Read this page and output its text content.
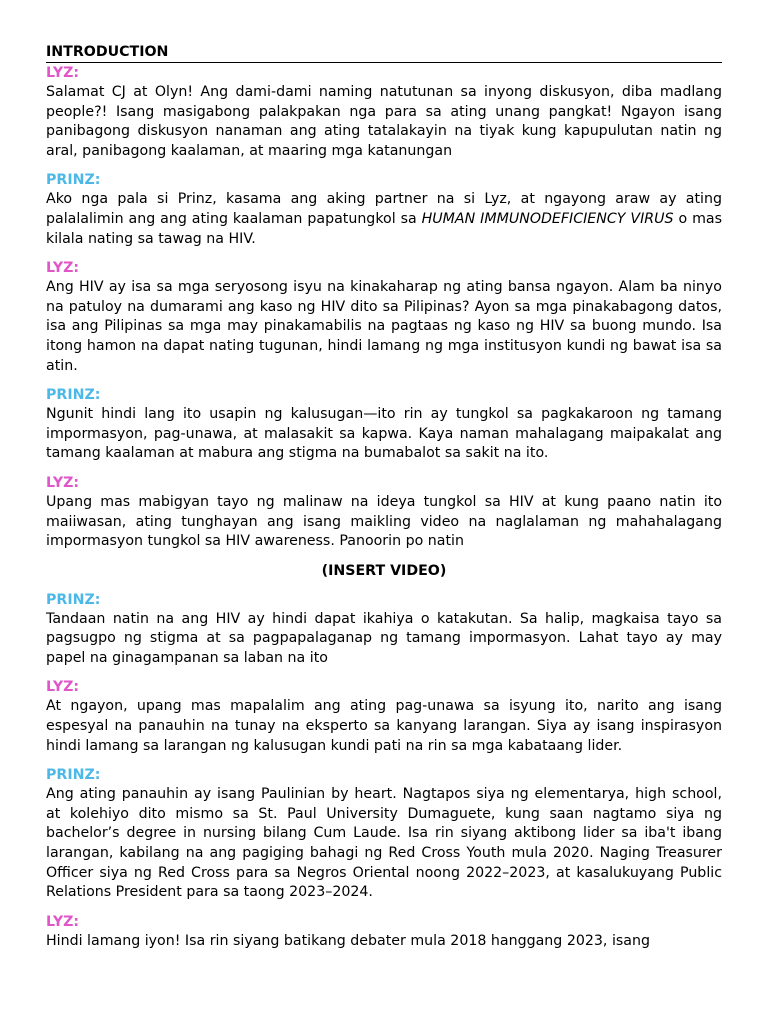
INTRODUCTION

LYZ:

Salamat CJ at Olyn! Ang dami-dami naming natutunan sa inyong diskusyon, diba madlang people?! Isang masigabong palakpakan nga para sa ating unang pangkat! Ngayon isang panibagong diskusyon nanaman ang ating tatalakayin na tiyak kung kapupulutan natin ng aral, panibagong kaalaman, at maaring mga katanungan

PRINZ:

Ako nga pala si Prinz, kasama ang aking partner na si Lyz, at ngayong araw ay ating palalalimin ang ang ating kaalaman papatungkol sa HUMAN IMMUNODEFICIENCY VIRUS o mas kilala nating sa tawag na HIV.

LYZ:

Ang HIV ay isa sa mga seryosong isyu na kinakaharap ng ating bansa ngayon. Alam ba ninyo na patuloy na dumarami ang kaso ng HIV dito sa Pilipinas? Ayon sa mga pinakabagong datos, isa ang Pilipinas sa mga may pinakamabilis na pagtaas ng kaso ng HIV sa buong mundo. Isa itong hamon na dapat nating tugunan, hindi lamang ng mga institusyon kundi ng bawat isa sa atin.

PRINZ:

Ngunit hindi lang ito usapin ng kalusugan—ito rin ay tungkol sa pagkakaroon ng tamang impormasyon, pag-unawa, at malasakit sa kapwa. Kaya naman mahalagang maipakalat ang tamang kaalaman at mabura ang stigma na bumabalot sa sakit na ito.

LYZ:

Upang mas mabigyan tayo ng malinaw na ideya tungkol sa HIV at kung paano natin ito maiiwasan, ating tunghayan ang isang maikling video na naglalaman ng mahahalagang impormasyon tungkol sa HIV awareness. Panoorin po natin

(INSERT VIDEO)

PRINZ:

Tandaan natin na ang HIV ay hindi dapat ikahiya o katakutan. Sa halip, magkaisa tayo sa pagsugpo ng stigma at sa pagpapalaganap ng tamang impormasyon. Lahat tayo ay may papel na ginagampanan sa laban na ito

LYZ:

At ngayon, upang mas mapalalim ang ating pag-unawa sa isyung ito, narito ang isang espesyal na panauhin na tunay na eksperto sa kanyang larangan. Siya ay isang inspirasyon hindi lamang sa larangan ng kalusugan kundi pati na rin sa mga kabataang lider.

PRINZ:

Ang ating panauhin ay isang Paulinian by heart. Nagtapos siya ng elementarya, high school, at kolehiyo dito mismo sa St. Paul University Dumaguete, kung saan nagtamo siya ng bachelor’s degree in nursing bilang Cum Laude. Isa rin siyang aktibong lider sa iba't ibang larangan, kabilang na ang pagiging bahagi ng Red Cross Youth mula 2020. Naging Treasurer Officer siya ng Red Cross para sa Negros Oriental noong 2022–2023, at kasalukuyang Public Relations President para sa taong 2023–2024.

LYZ:

Hindi lamang iyon! Isa rin siyang batikang debater mula 2018 hanggang 2023, isang
